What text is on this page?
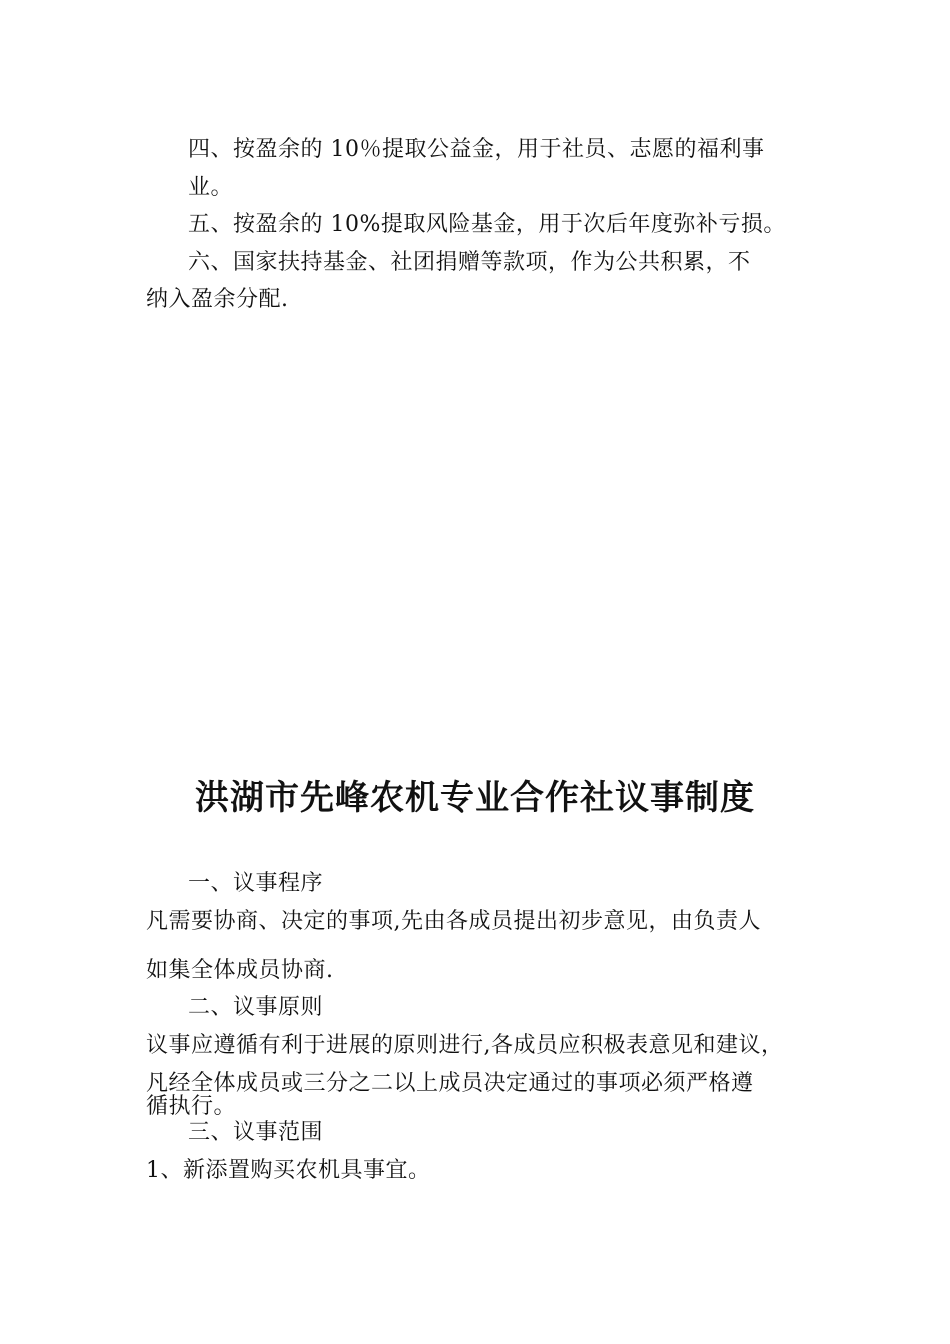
四、按盈余的 10％提取公益金，用于社员、志愿的福利事
业。
五、按盈余的 10%提取风险基金，用于次后年度弥补亏损。
六、国家扶持基金、社团捐赠等款项，作为公共积累，不
纳入盈余分配.
洪湖市先峰农机专业合作社议事制度
一、议事程序
凡需要协商、决定的事项,先由各成员提出初步意见，由负责人
如集全体成员协商.
二、议事原则
议事应遵循有利于进展的原则进行,各成员应积极表意见和建议，
凡经全体成员或三分之二以上成员决定通过的事项必须严格遵
循执行。
三、议事范围
1、新添置购买农机具事宜。
